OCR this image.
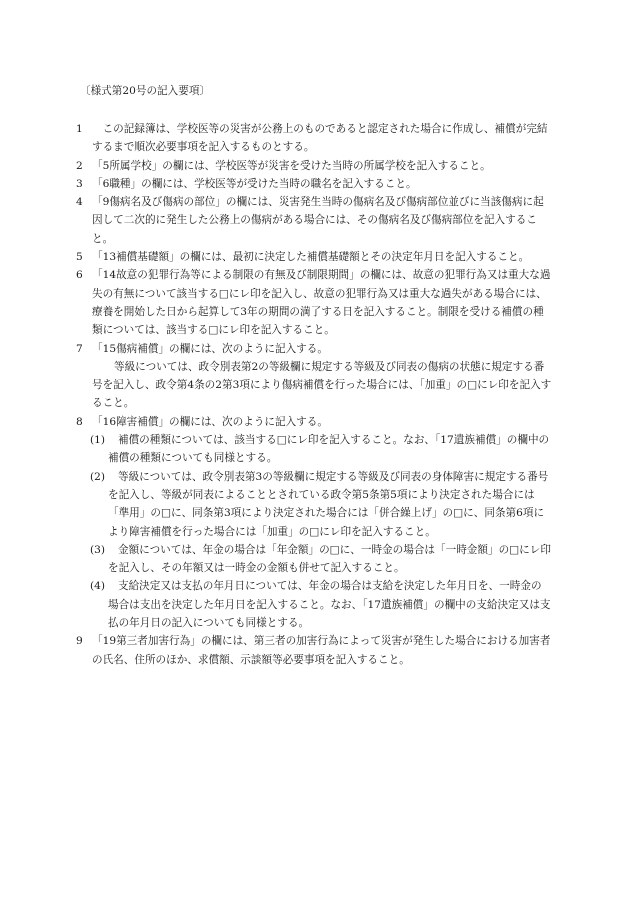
〔様式第20号の記入要項〕
1 　この記録簿は、学校医等の災害が公務上のものであると認定された場合に作成し、補償が完結するまで順次必要事項を記入するものとする。
2 「5所属学校」の欄には、学校医等が災害を受けた当時の所属学校を記入すること。
3 「6職種」の欄には、学校医等が受けた当時の職名を記入すること。
4 「9傷病名及び傷病の部位」の欄には、災害発生当時の傷病名及び傷病部位並びに当該傷病に起因して二次的に発生した公務上の傷病がある場合には、その傷病名及び傷病部位を記入すること。
5 「13補償基礎額」の欄には、最初に決定した補償基礎額とその決定年月日を記入すること。
6 「14故意の犯罪行為等による制限の有無及び制限期間」の欄には、故意の犯罪行為又は重大な過失の有無について該当する□にレ印を記入し、故意の犯罪行為又は重大な過失がある場合には、療養を開始した日から起算して3年の期間の満了する日を記入すること。制限を受ける補償の種類については、該当する□にレ印を記入すること。
7 「15傷病補償」の欄には、次のように記入する。
等級については、政令別表第2の等級欄に規定する等級及び同表の傷病の状態に規定する番号を記入し、政令第4条の2第3項により傷病補償を行った場合には、「加重」の□にレ印を記入すること。
8 「16障害補償」の欄には、次のように記入する。
(1)	補償の種類については、該当する□にレ印を記入すること。なお、「17遺族補償」の欄中の補償の種類についても同様とする。
(2)	等級については、政令別表第3の等級欄に規定する等級及び同表の身体障害に規定する番号を記入し、等級が同表によることとされている政令第5条第5項により決定された場合には「準用」の□に、同条第3項により決定された場合には「併合繰上げ」の□に、同条第6項により障害補償を行った場合には「加重」の□にレ印を記入すること。
(3)	金額については、年金の場合は「年金額」の□に、一時金の場合は「一時金額」の□にレ印を記入し、その年額又は一時金の金額も併せて記入すること。
(4)	支給決定又は支払の年月日については、年金の場合は支給を決定した年月日を、一時金の場合は支出を決定した年月日を記入すること。なお、「17遺族補償」の欄中の支給決定又は支払の年月日の記入についても同様とする。
9 「19第三者加害行為」の欄には、第三者の加害行為によって災害が発生した場合における加害者の氏名、住所のほか、求償額、示談額等必要事項を記入すること。
